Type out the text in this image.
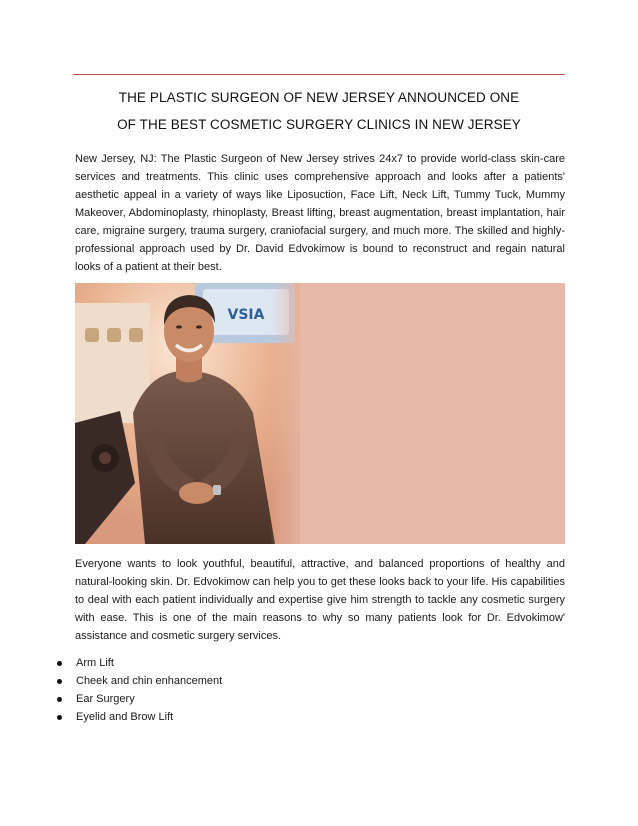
THE PLASTIC SURGEON OF NEW JERSEY ANNOUNCED ONE
OF THE BEST COSMETIC SURGERY CLINICS IN NEW JERSEY

New Jersey, NJ: The Plastic Surgeon of New Jersey strives 24x7 to provide world-class skin-care services and treatments. This clinic uses comprehensive approach and looks after a patients' aesthetic appeal in a variety of ways like Liposuction, Face Lift, Neck Lift, Tummy Tuck, Mummy Makeover, Abdominoplasty, rhinoplasty, Breast lifting, breast augmentation, breast implantation, hair care, migraine surgery, trauma surgery, craniofacial surgery, and much more. The skilled and highly-professional approach used by Dr. David Edvokimow is bound to reconstruct and regain natural looks of a patient at their best.

VSIA

Everyone wants to look youthful, beautiful, attractive, and balanced proportions of healthy and natural-looking skin. Dr. Edvokimow can help you to get these looks back to your life. His capabilities to deal with each patient individually and expertise give him strength to tackle any cosmetic surgery with ease. This is one of the main reasons to why so many patients look for Dr. Edvokimow' assistance and cosmetic surgery services.

Arm Lift
Cheek and chin enhancement
Ear Surgery
Eyelid and Brow Lift
